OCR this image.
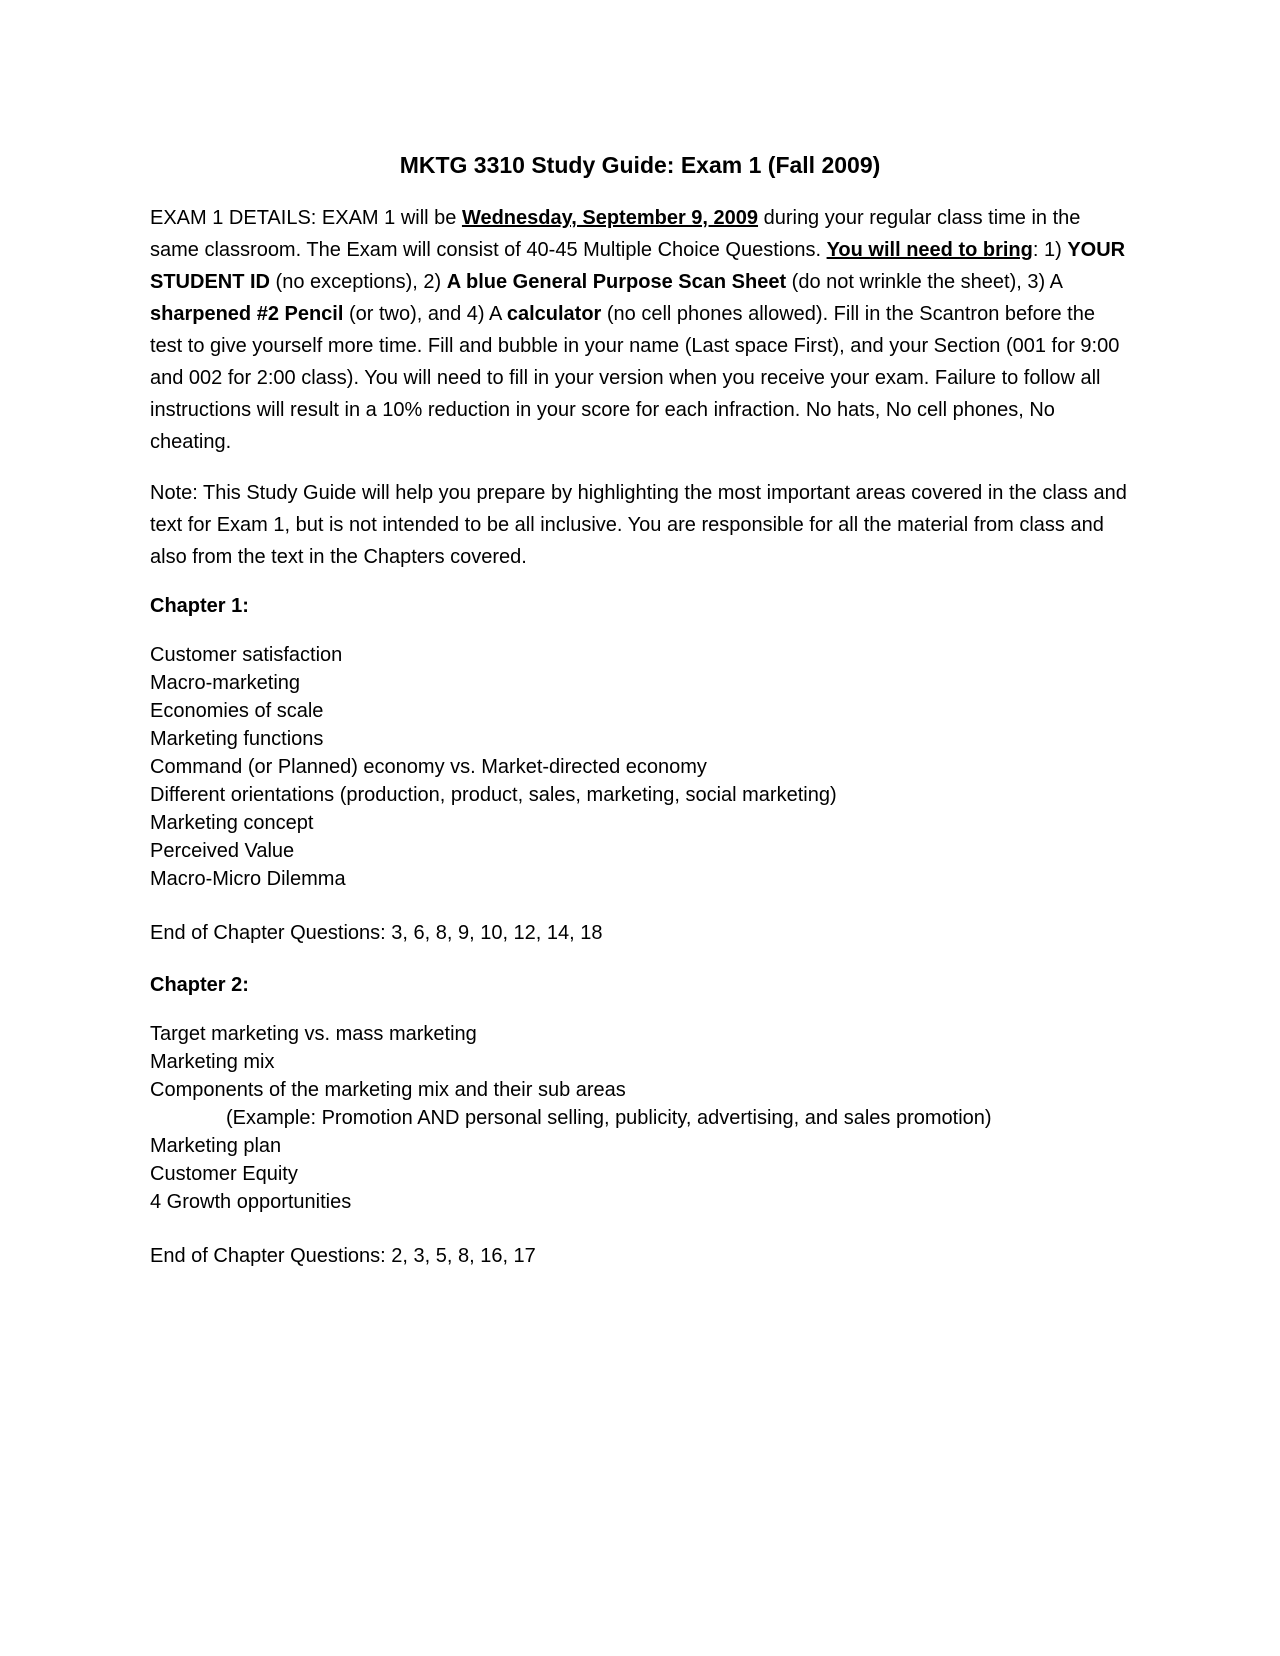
MKTG 3310 Study Guide: Exam 1 (Fall 2009)

EXAM 1 DETAILS: EXAM 1 will be Wednesday, September 9, 2009 during your regular class time in the same classroom. The Exam will consist of 40-45 Multiple Choice Questions. You will need to bring: 1) YOUR STUDENT ID (no exceptions), 2) A blue General Purpose Scan Sheet (do not wrinkle the sheet), 3) A sharpened #2 Pencil (or two), and 4) A calculator (no cell phones allowed). Fill in the Scantron before the test to give yourself more time. Fill and bubble in your name (Last space First), and your Section (001 for 9:00 and 002 for 2:00 class). You will need to fill in your version when you receive your exam. Failure to follow all instructions will result in a 10% reduction in your score for each infraction. No hats, No cell phones, No cheating.

Note: This Study Guide will help you prepare by highlighting the most important areas covered in the class and text for Exam 1, but is not intended to be all inclusive. You are responsible for all the material from class and also from the text in the Chapters covered.

Chapter 1:
Customer satisfaction
Macro-marketing
Economies of scale
Marketing functions
Command (or Planned) economy vs. Market-directed economy
Different orientations (production, product, sales, marketing, social marketing)
Marketing concept
Perceived Value
Macro-Micro Dilemma
End of Chapter Questions: 3, 6, 8, 9, 10, 12, 14, 18
Chapter 2:
Target marketing vs. mass marketing
Marketing mix
Components of the marketing mix and their sub areas
(Example: Promotion AND personal selling, publicity, advertising, and sales promotion)
Marketing plan
Customer Equity
4 Growth opportunities
End of Chapter Questions: 2, 3, 5, 8, 16, 17
